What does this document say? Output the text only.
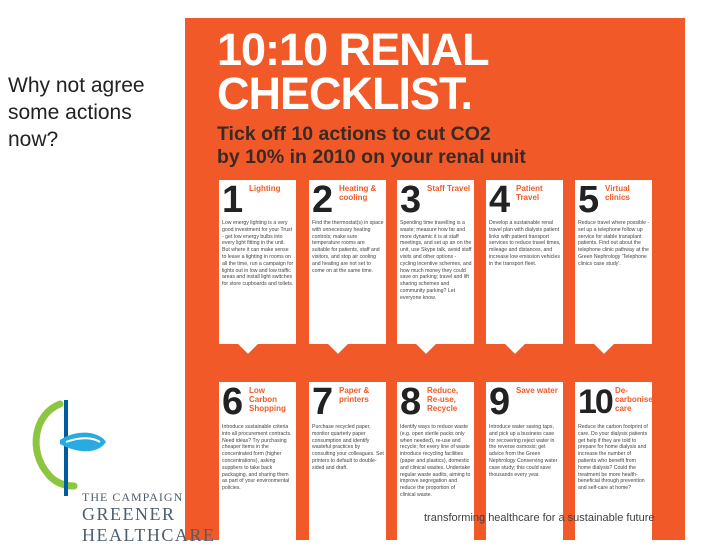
Why not agree some actions now?
10:10 RENAL
CHECKLIST.
Tick off 10 actions to cut CO2
by 10% in 2010 on your renal unit
1 Lighting
Low energy lighting is a very good investment for your Trust - get low energy bulbs into every light fitting in the unit. But where it can make sense to leave a lighting in rooms on all the time, run a campaign for lights out in low and low traffic areas and install light switches for store cupboards and toilets.
2 Heating & cooling
Find the thermostat(s) in space with unnecessary heating controls; make sure temperature rooms are suitable for patients, staff and visitors, and stop air cooling and heating are not set to come on at the same time.
3 Staff Travel
Spending time travelling is a waste; measure how far and more dynamic it is at staff meetings, and set up an on the unit, use Skype talk, avoid staff visits and other options - cycling incentive schemes, and how much money they could save on parking; travel and lift sharing schemes and community parking? Let everyone know.
4 Patient Travel
Develop a sustainable renal travel plan with dialysis patient links with patient transport services to reduce travel times, mileage and distances, and increase low emission vehicles in the transport fleet.
5 Virtual clinics
Reduce travel where possible - set up a telephone follow up service for stable transplant patients. Find out about the telephone clinic pathway at the Green Nephrology 'Telephone clinics case study'.
6 Low Carbon Shopping
Introduce sustainable criteria into all procurement contracts. Need ideas? Try purchasing cheaper items in the concentrated form (higher concentrations), asking suppliers to take back packaging, and sharing them as part of your environmental policies.
7 Paper & printers
Purchase recycled paper, monitor quarterly paper consumption and identify wasteful practices by consulting your colleagues. Set printers to default to double-sided and draft.
8 Reduce, Re-use, Recycle
Identify ways to reduce waste (e.g. open sterile packs only when needed), re-use and recycle; for every line of waste introduce recycling facilities (paper and plastics), domestic and clinical wastes. Undertake regular waste audits, aiming to improve segregation and reduce the proportion of clinical waste.
9 Save water
Introduce water saving taps, and pick up a business case for recovering reject water in the reverse osmosis; get advice from the Green Nephrology Conserving water case study; this could save thousands every year.
10 De-carbonise care
Reduce the carbon footprint of care. Do your dialysis patients get help if they are told to prepare for home dialysis and increase the number of patients who benefit from home dialysis? Could the treatment be more health-beneficial through prevention and self-care at home?
THE CAMPAIGN
GREENER HEALTHCARE
transforming healthcare for a sustainable future
